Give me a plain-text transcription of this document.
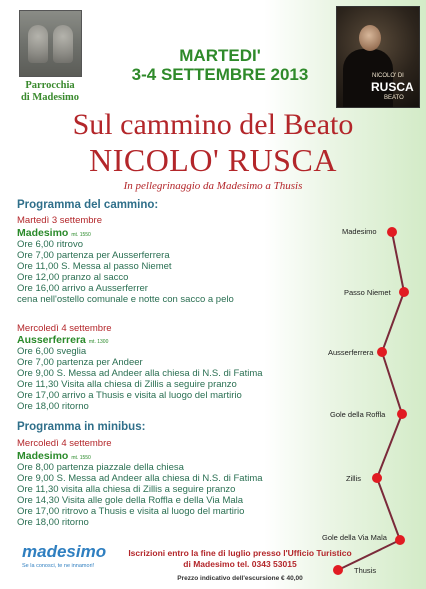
Parrocchia
di Madesimo
MARTEDI'
3-4 SETTEMBRE 2013	NICOLO' DI
RUSCA
BEATO
Sul cammino del Beato
NICOLO' RUSCA
In pellegrinaggio da Madesimo a Thusis
Programma del cammino:
Martedì 3 settembre
Madesimo mt. 1550
Ore 6,00 ritrovo
Ore 7,00 partenza per Ausserferrera
Ore 11,00 S. Messa al passo Niemet
Ore 12,00 pranzo al sacco
Ore 16,00 arrivo a Ausserferrer
cena nell'ostello comunale e notte con sacco a pelo
Mercoledì 4 settembre
Ausserferrera mt. 1300
Ore 6,00 sveglia
Ore 7,00 partenza per Andeer
Ore 9,00 S. Messa ad Andeer alla chiesa di N.S. di Fatima
Ore 11,30 Visita alla chiesa di Zillis a seguire pranzo
Ore 17,00 arrivo a Thusis e visita al luogo del martirio
Ore 18,00 ritorno
Programma in minibus:
Mercoledì 4 settembre
Madesimo mt. 1550
Ore 8,00 partenza piazzale della chiesa
Ore 9,00 S. Messa ad Andeer alla chiesa di N.S. di Fatima
Ore 11,30 visita alla chiesa di Zillis a seguire pranzo
Ore 14,30 Visita alle gole della Roffla e della Via Mala
Ore 17,00 ritrovo a Thusis e visita al luogo del martirio
Ore 18,00 ritorno
Madesimo
Passo Niemet
Ausserferrera
Gole della Roffla
Zillis
Gole della Via Mala
Thusis
madesimo
Se la conosci, te ne innamori!
Iscrizioni entro la fine di luglio presso l'Ufficio Turistico
di Madesimo tel. 0343 53015
Prezzo indicativo dell'escursione € 40,00
